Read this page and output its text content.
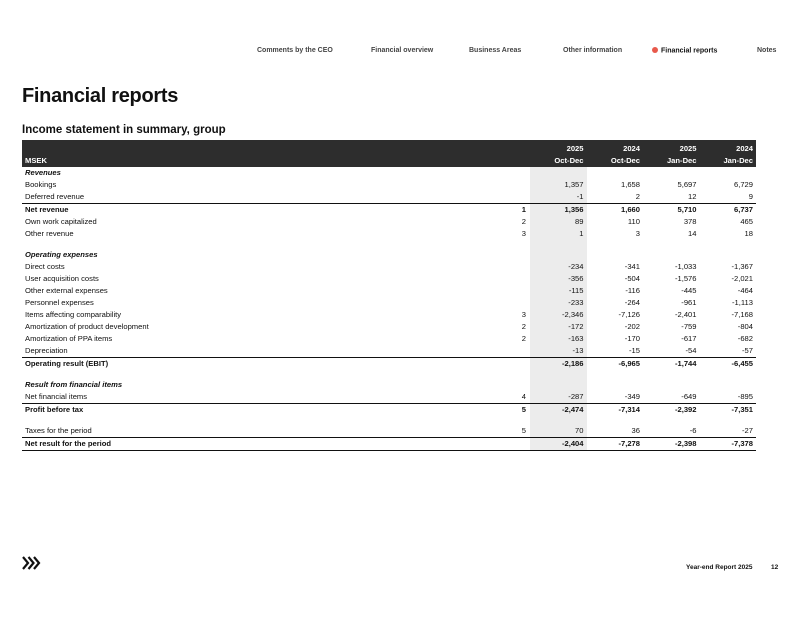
Comments by the CEO	Financial overview	Business Areas	Other information	Financial reports	Notes
Financial reports
Income statement in summary, group
		2025	2024	2025	2024
MSEK		Oct-Dec	Oct-Dec	Jan-Dec	Jan-Dec
Revenues					
Bookings		1,357	1,658	5,697	6,729
Deferred revenue		-1	2	12	9
Net revenue	1	1,356	1,660	5,710	6,737
Own work capitalized	2	89	110	378	465
Other revenue	3	1	3	14	18

Operating expenses					
Direct costs		-234	-341	-1,033	-1,367
User acquisition costs		-356	-504	-1,576	-2,021
Other external expenses		-115	-116	-445	-464
Personnel expenses		-233	-264	-961	-1,113
Items affecting comparability	3	-2,346	-7,126	-2,401	-7,168
Amortization of product development	2	-172	-202	-759	-804
Amortization of PPA items	2	-163	-170	-617	-682
Depreciation		-13	-15	-54	-57
Operating result (EBIT)		-2,186	-6,965	-1,744	-6,455

Result from financial items					
Net financial items	4	-287	-349	-649	-895
Profit before tax	5	-2,474	-7,314	-2,392	-7,351

Taxes for the period	5	70	36	-6	-27
Net result for the period		-2,404	-7,278	-2,398	-7,378
Year-end Report 2025	12
